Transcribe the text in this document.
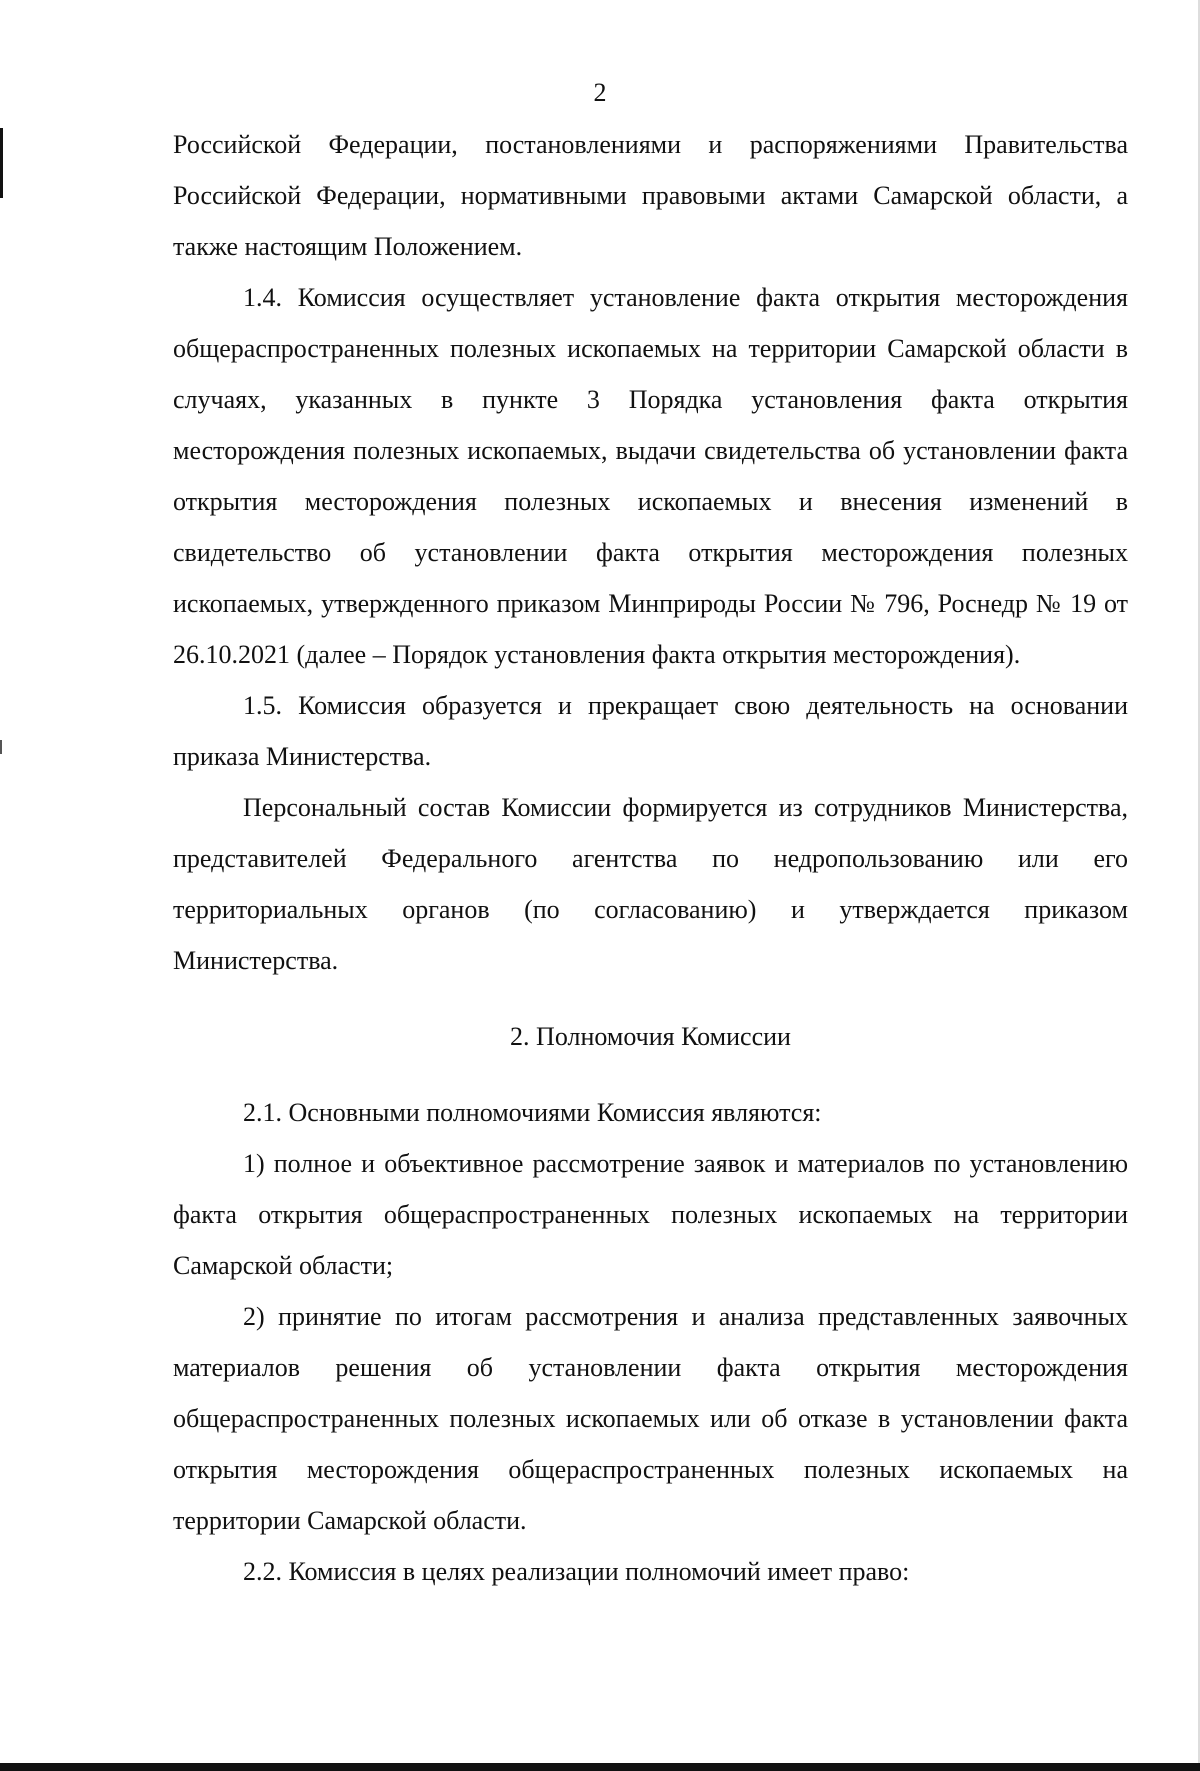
2

Российской Федерации, постановлениями и распоряжениями Правительства Российской Федерации, нормативными правовыми актами Самарской области, а также настоящим Положением.

1.4. Комиссия осуществляет установление факта открытия месторождения общераспространенных полезных ископаемых на территории Самарской области в случаях, указанных в пункте 3 Порядка установления факта открытия месторождения полезных ископаемых, выдачи свидетельства об установлении факта открытия месторождения полезных ископаемых и внесения изменений в свидетельство об установлении факта открытия месторождения полезных ископаемых, утвержденного приказом Минприроды России № 796, Роснедр № 19 от 26.10.2021 (далее – Порядок установления факта открытия месторождения).

1.5. Комиссия образуется и прекращает свою деятельность на основании приказа Министерства.

Персональный состав Комиссии формируется из сотрудников Министерства, представителей Федерального агентства по недропользованию или его территориальных органов (по согласованию) и утверждается приказом Министерства.

2. Полномочия Комиссии

2.1. Основными полномочиями Комиссия являются:

1) полное и объективное рассмотрение заявок и материалов по установлению факта открытия общераспространенных полезных ископаемых на территории Самарской области;

2) принятие по итогам рассмотрения и анализа представленных заявочных материалов решения об установлении факта открытия месторождения общераспространенных полезных ископаемых или об отказе в установлении факта открытия месторождения общераспространенных полезных ископаемых на территории Самарской области.

2.2. Комиссия в целях реализации полномочий имеет право:
